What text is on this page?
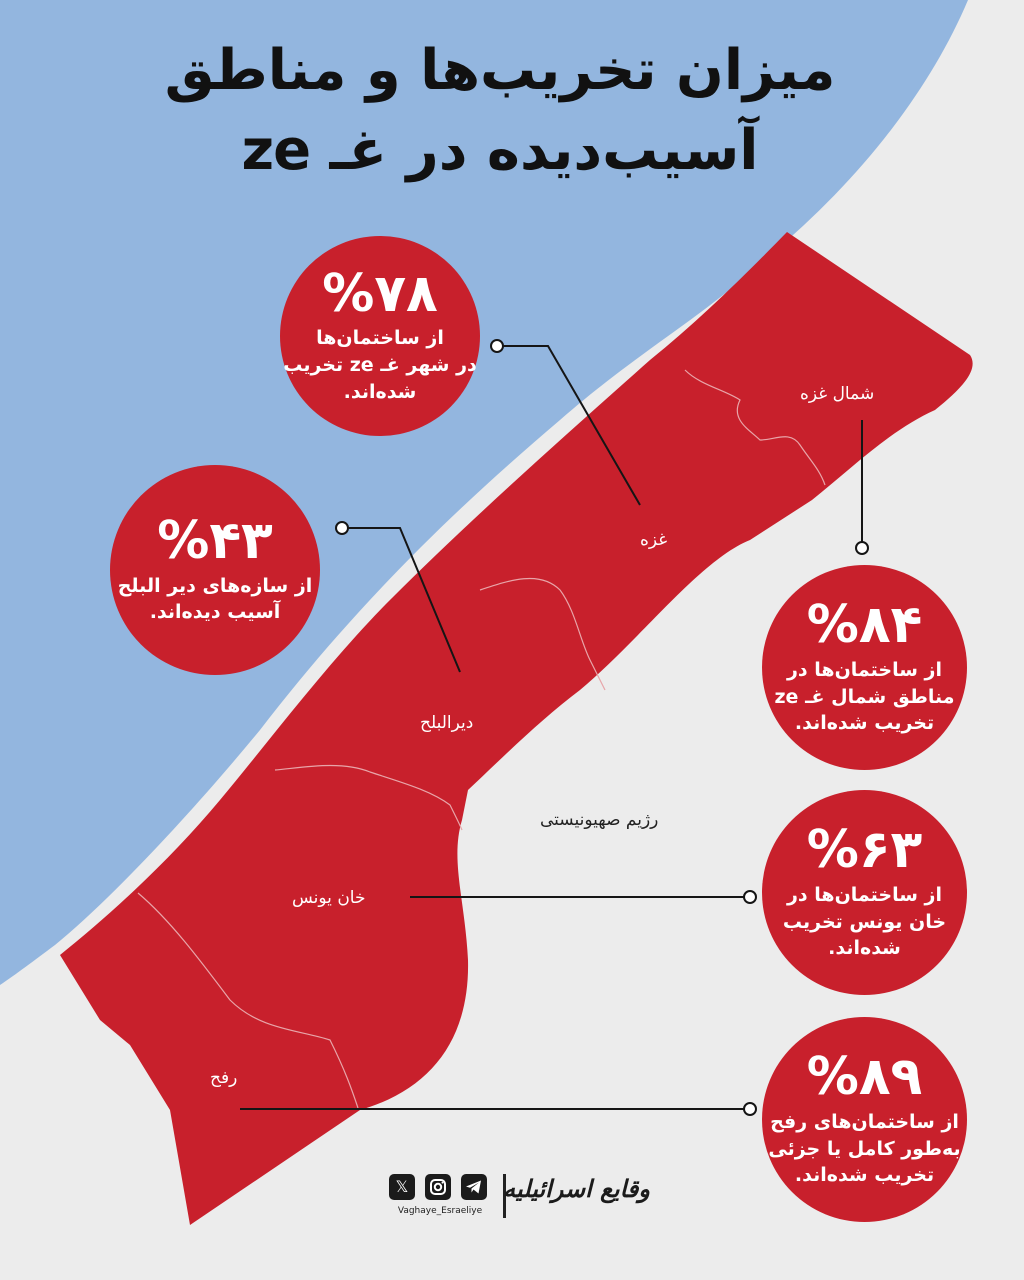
میزان تخریب‌ها و مناطق
آسیب‌دیده در غـ ze
شمال غزه
غزه
دیرالبلح
خان یونس
رفح
رژیم صهیونیستی
%۷۸
از ساختمان‌ها
در شهر غـ ze تخریب
شده‌اند.
%۴۳
از سازه‌های دیر البلح
آسیب دیده‌اند.	%۸۴
از ساختمان‌ها در
مناطق شمال غـ ze
تخریب شده‌اند.
%۶۳
از ساختمان‌ها در
خان یونس تخریب
شده‌اند.
%۸۹
از ساختمان‌های رفح
به‌طور کامل یا جزئی
تخریب شده‌اند.
𝕏
Vaghaye_Esraeliye
وقایع اسرائیلیه
